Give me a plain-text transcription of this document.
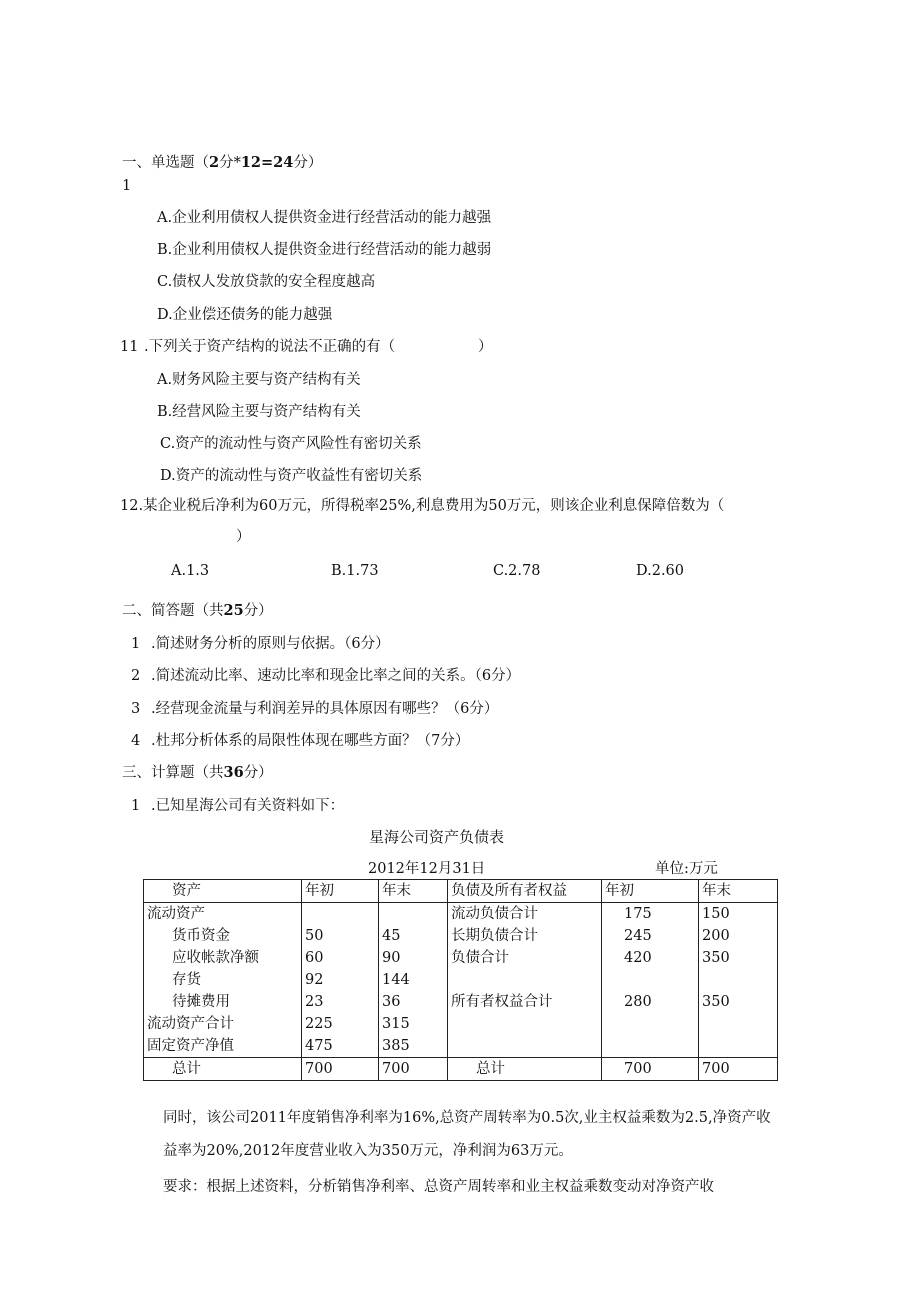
一、单选题（2分*12=24分）
1
A.企业利用债权人提供资金进行经营活动的能力越强
B.企业利用债权人提供资金进行经营活动的能力越弱
C.债权人发放贷款的安全程度越高
D.企业偿还债务的能力越强
11 .下列关于资产结构的说法不正确的有（	）
A.财务风险主要与资产结构有关
B.经营风险主要与资产结构有关
C.资产的流动性与资产风险性有密切关系
D.资产的流动性与资产收益性有密切关系
12.某企业税后净利为60万元，所得税率25%,利息费用为50万元，则该企业利息保障倍数为（
）
A.1.3	B.1.73	C.2.78	D.2.60
二、简答题（共25分）
1 .简述财务分析的原则与依据。（6分）
2 .简述流动比率、速动比率和现金比率之间的关系。（6分）
3 .经营现金流量与利润差异的具体原因有哪些？（6分）
4 .杜邦分析体系的局限性体现在哪些方面？（7分）
三、计算题（共36分）
1 .已知星海公司有关资料如下：
星海公司资产负债表
2012年12月31日	单位:万元
资产	年初	年末	负债及所有者权益	年初	年末
流动资产			流动负债合计	175	150
货币资金	50	45	长期负债合计	245	200
应收帐款净额	60	90	负债合计	420	350
存货	92	144			
待摊费用	23	36	所有者权益合计	280	350
流动资产合计	225	315			
固定资产净值	475	385			
总计	700	700	总计	700	700
同时，该公司2011年度销售净利率为16%,总资产周转率为0.5次,业主权益乘数为2.5,净资产收
益率为20%,2012年度营业收入为350万元，净利润为63万元。
要求：根据上述资料，分析销售净利率、总资产周转率和业主权益乘数变动对净资产收
